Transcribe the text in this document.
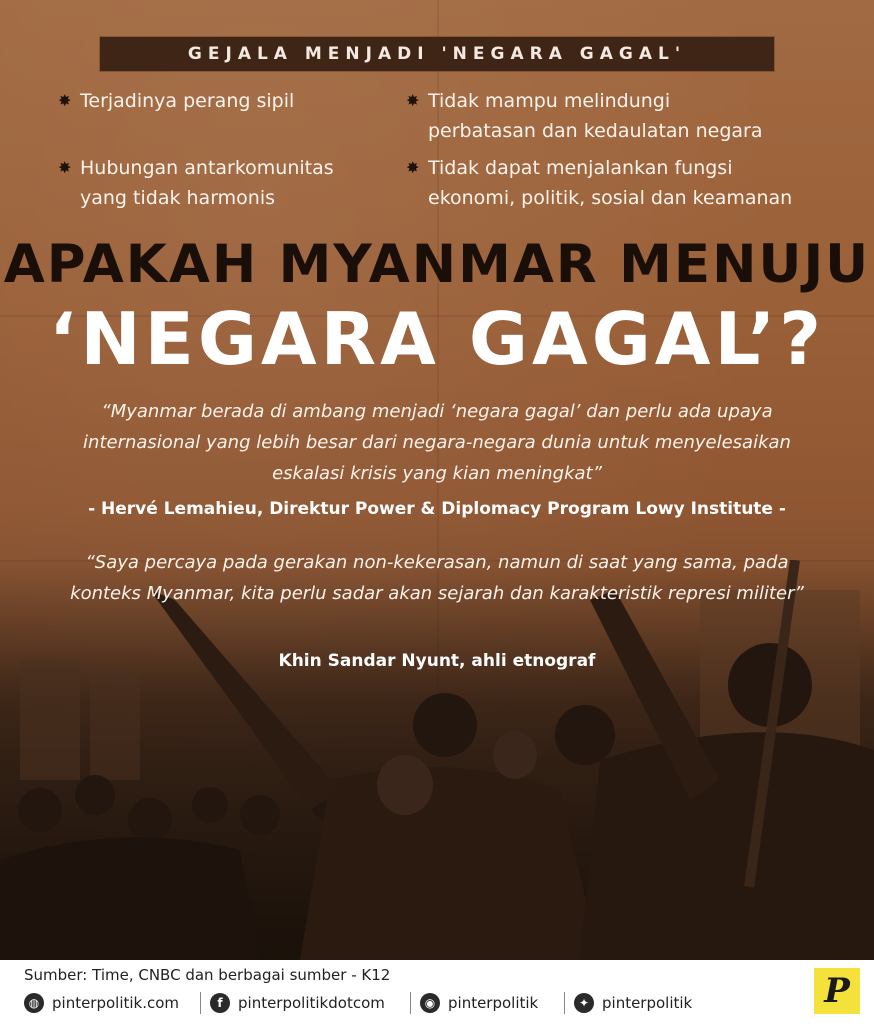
GEJALA MENJADI 'NEGARA GAGAL'
✸ Terjadinya perang sipil
✸ Hubungan antarkomunitas
yang tidak harmonis
✸ Tidak mampu melindungi
perbatasan dan kedaulatan negara
✸ Tidak dapat menjalankan fungsi
ekonomi, politik, sosial dan keamanan
APAKAH MYANMAR MENUJU
‘NEGARA GAGAL’?
“Myanmar berada di ambang menjadi ‘negara gagal’ dan perlu ada upaya internasional yang lebih besar dari negara-negara dunia untuk menyelesaikan eskalasi krisis yang kian meningkat”
- Hervé Lemahieu, Direktur Power & Diplomacy Program Lowy Institute -
“Saya percaya pada gerakan non-kekerasan, namun di saat yang sama, pada konteks Myanmar, kita perlu sadar akan sejarah dan karakteristik represi militer”
Khin Sandar Nyunt, ahli etnograf
Sumber: Time, CNBC dan berbagai sumber - K12
◍ pinterpolitik.com	f	pinterpolitikdotcom	◉ pinterpolitik	✦ pinterpolitik	P
